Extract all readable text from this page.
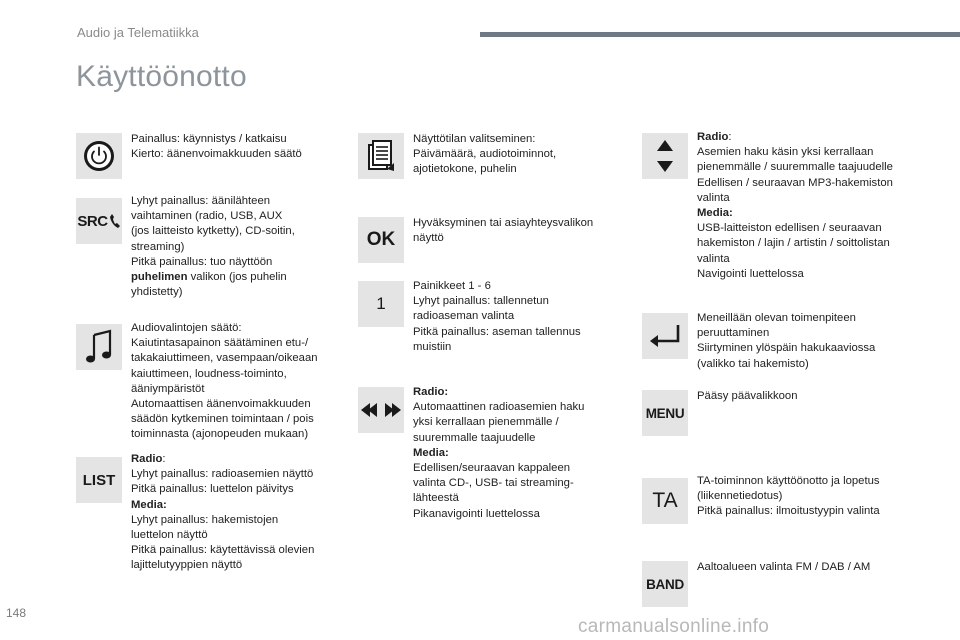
Audio ja Telematiikka
Käyttöönotto
Painallus: käynnistys / katkaisu
Kierto: äänenvoimakkuuden säätö
SRC
Lyhyt painallus: äänilähteen
vaihtaminen (radio, USB, AUX
(jos laitteisto kytketty), CD-soitin,
streaming)
Pitkä painallus: tuo näyttöön
puhelimen valikon (jos puhelin
yhdistetty)
Audiovalintojen säätö:
Kaiutintasapainon säätäminen etu-/
takakaiuttimeen, vasempaan/oikeaan
kaiuttimeen, loudness-toiminto,
ääniympäristöt
Automaattisen äänenvoimakkuuden
säädön kytkeminen toimintaan / pois
toiminnasta (ajonopeuden mukaan)
LIST
Radio:
Lyhyt painallus: radioasemien näyttö
Pitkä painallus: luettelon päivitys
Media:
Lyhyt painallus: hakemistojen
luettelon näyttö
Pitkä painallus: käytettävissä olevien
lajittelutyyppien näyttö
Näyttötilan valitseminen:
Päivämäärä, audiotoiminnot,
ajotietokone, puhelin
OK
Hyväksyminen tai asiayhteysvalikon
näyttö
1
Painikkeet 1 - 6
Lyhyt painallus: tallennetun
radioaseman valinta
Pitkä painallus: aseman tallennus
muistiin
Radio:
Automaattinen radioasemien haku
yksi kerrallaan pienemmälle /
suuremmalle taajuudelle
Media:
Edellisen/seuraavan kappaleen
valinta CD-, USB- tai streaming-
lähteestä
Pikanavigointi luettelossa
Radio:
Asemien haku käsin yksi kerrallaan
pienemmälle / suuremmalle taajuudelle
Edellisen / seuraavan MP3-hakemiston
valinta
Media:
USB-laitteiston edellisen / seuraavan
hakemiston / lajin / artistin / soittolistan
valinta
Navigointi luettelossa
Meneillään olevan toimenpiteen
peruuttaminen
Siirtyminen ylöspäin hakukaaviossa
(valikko tai hakemisto)
MENU
Pääsy päävalikkoon
TA
TA-toiminnon käyttöönotto ja lopetus
(liikennetiedotus)
Pitkä painallus: ilmoitustyypin valinta
BAND
Aaltoalueen valinta FM / DAB / AM
148
carmanualsonline.info
